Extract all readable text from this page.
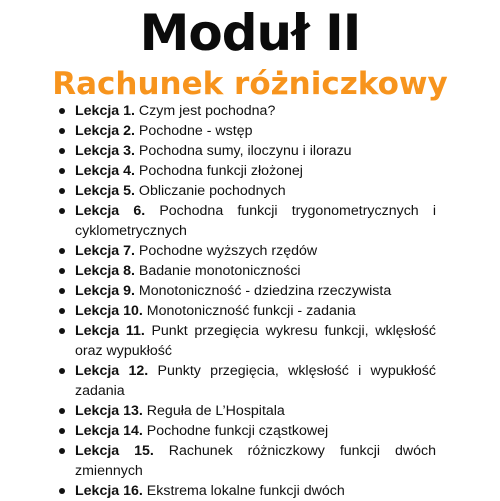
Moduł II
Rachunek różniczkowy
Lekcja 1. Czym jest pochodna?
Lekcja 2. Pochodne - wstęp
Lekcja 3. Pochodna sumy, iloczynu i ilorazu
Lekcja 4. Pochodna funkcji złożonej
Lekcja 5. Obliczanie pochodnych
Lekcja 6. Pochodna funkcji trygonometrycznych i cyklometrycznych
Lekcja 7. Pochodne wyższych rzędów
Lekcja 8. Badanie monotoniczności
Lekcja 9. Monotoniczność - dziedzina rzeczywista
Lekcja 10. Monotoniczność funkcji - zadania
Lekcja 11. Punkt przegięcia wykresu funkcji, wklęsłość oraz wypukłość
Lekcja 12. Punkty przegięcia, wklęsłość i wypukłość zadania
Lekcja 13. Reguła de L’Hospitala
Lekcja 14. Pochodne funkcji cząstkowej
Lekcja 15. Rachunek różniczkowy funkcji dwóch zmiennych
Lekcja 16. Ekstrema lokalne funkcji dwóch
